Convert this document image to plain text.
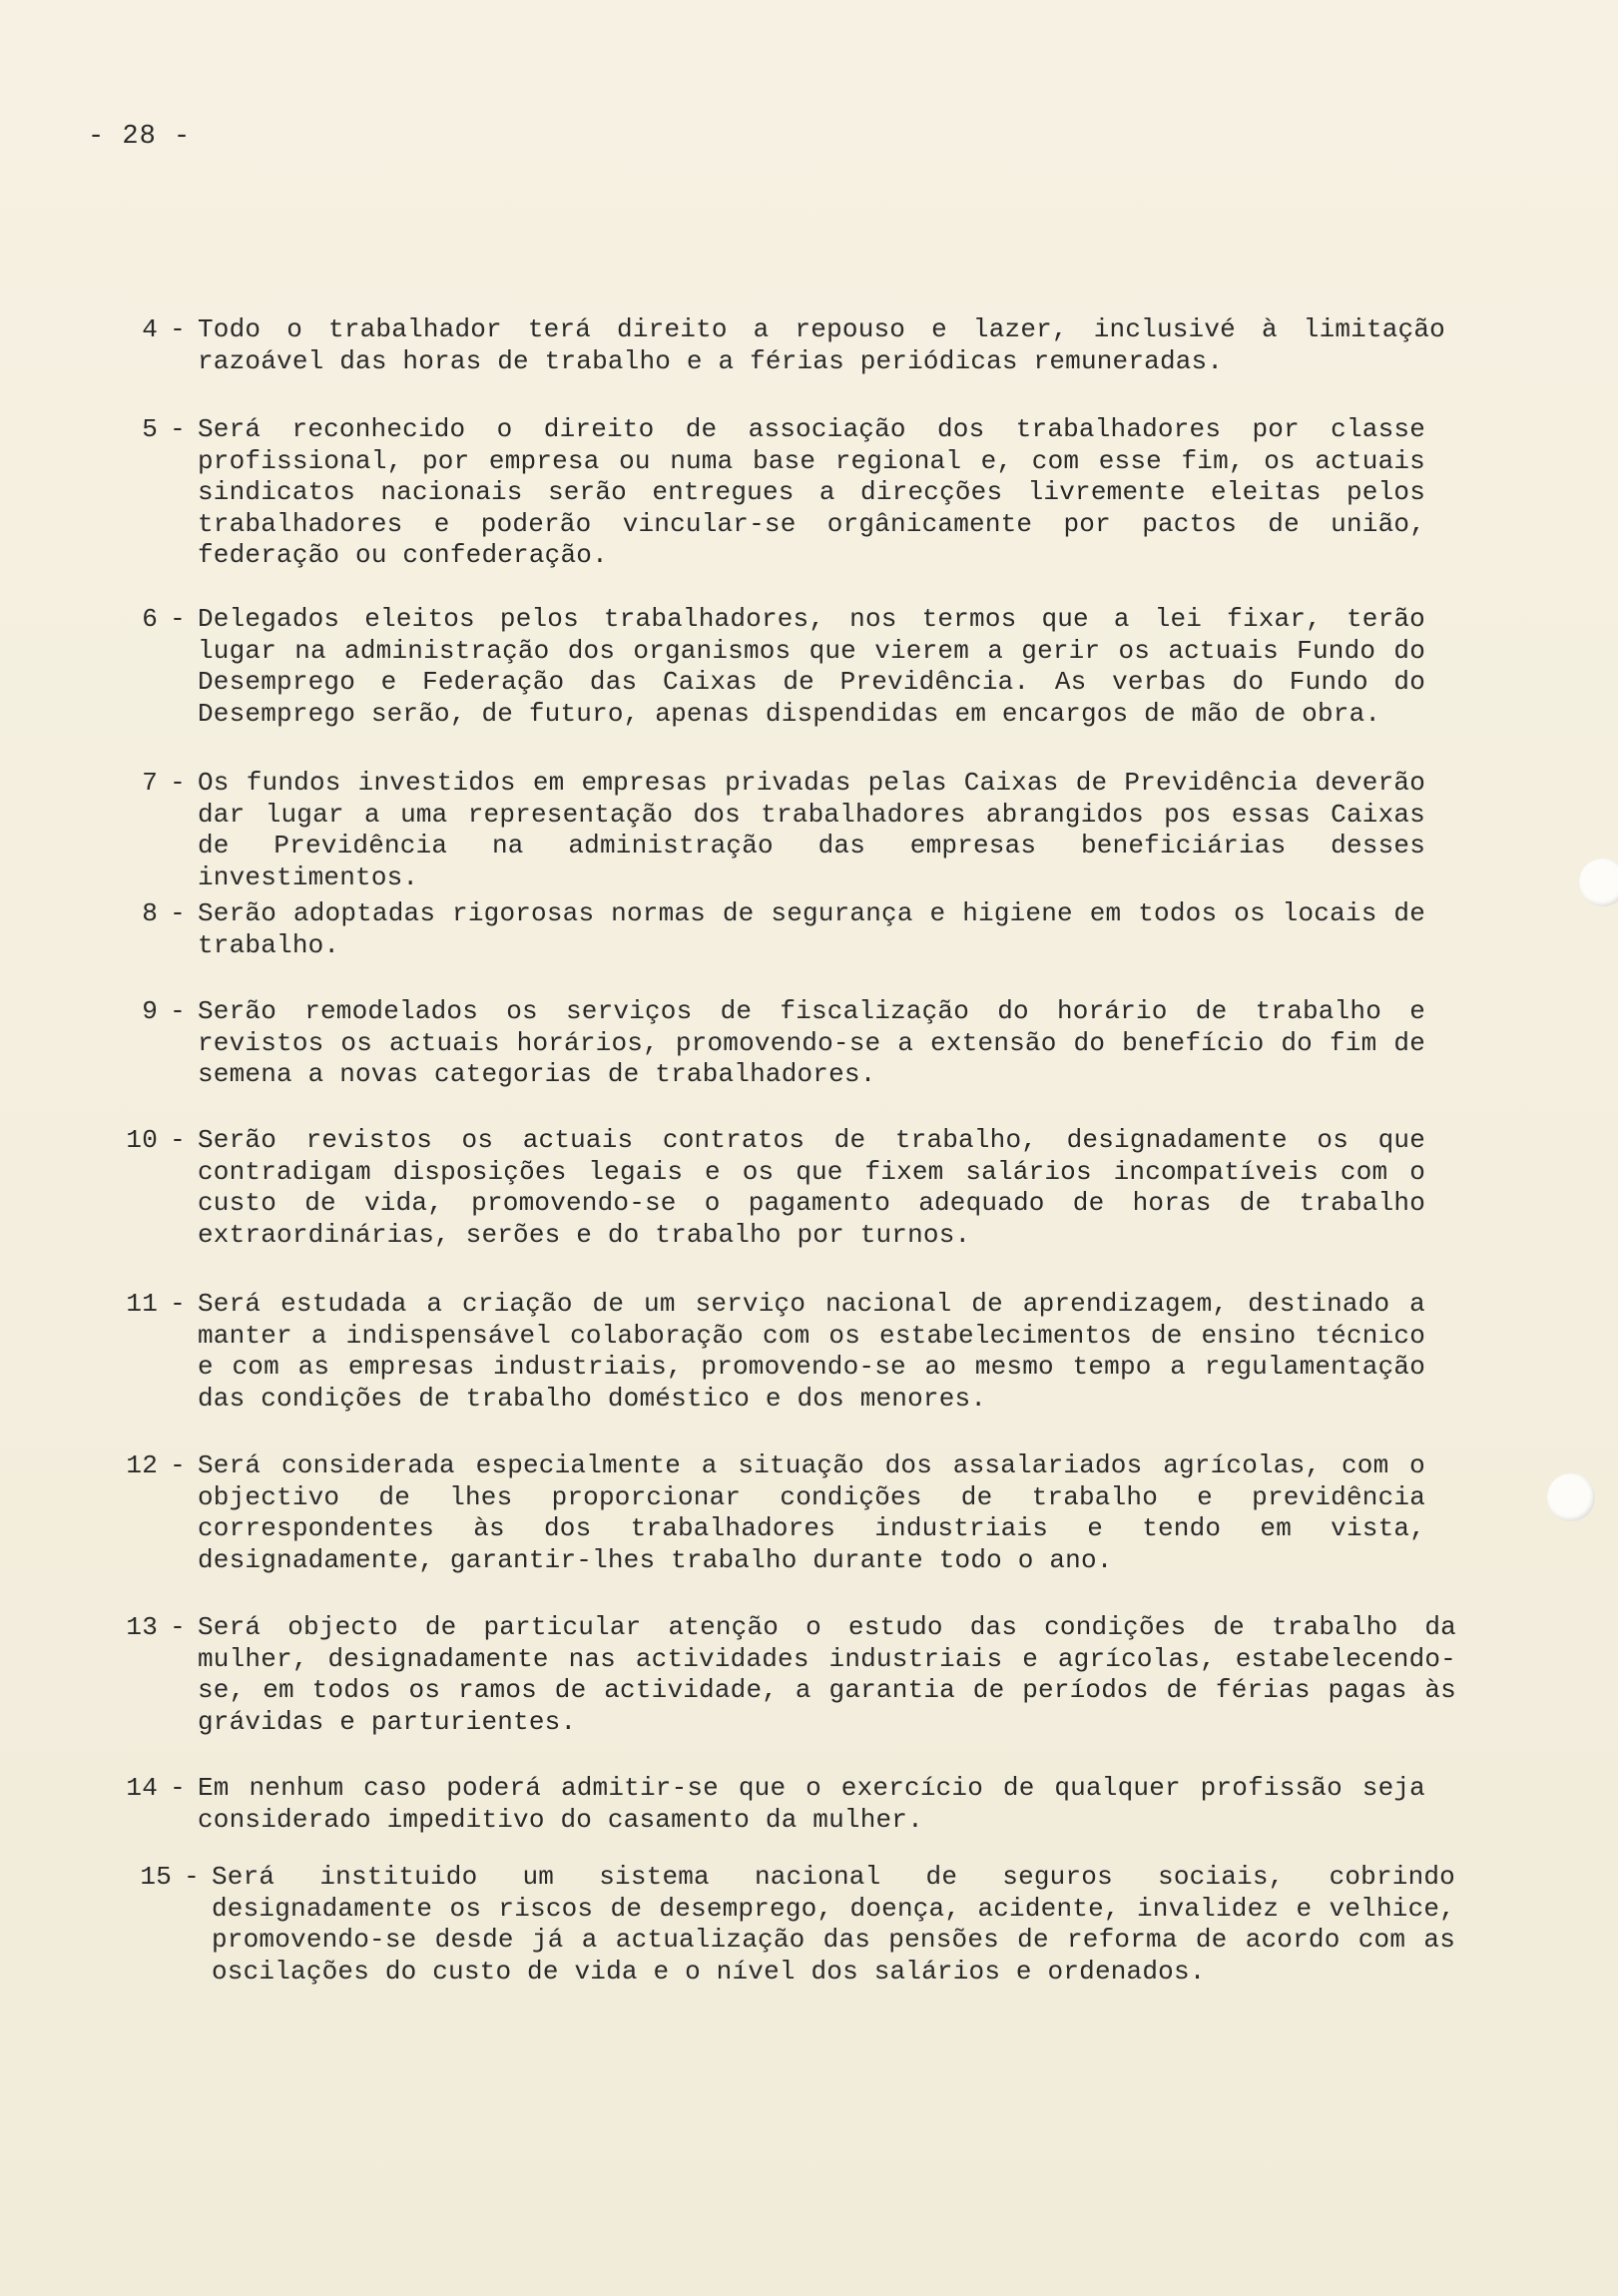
- 28 -
4 - Todo o trabalhador terá direito a repouso e lazer, inclusivé à limitação razoável das horas de trabalho e a férias periódicas remuneradas.
5 - Será reconhecido o direito de associação dos trabalhadores por classe profissional, por empresa ou numa base regional e, com esse fim, os actuais sindicatos nacionais serão entregues a direcções livremente eleitas pelos trabalhadores e poderão vincular-se orgânicamente por pactos de união, federação ou confederação.
6 - Delegados eleitos pelos trabalhadores, nos termos que a lei fixar, terão lugar na administração dos organismos que vierem a gerir os actuais Fundo do Desemprego e Federação das Caixas de Previdência. As verbas do Fundo do Desemprego serão, de futuro, apenas dispendidas em encargos de mão de obra.
7 - Os fundos investidos em empresas privadas pelas Caixas de Previdência deverão dar lugar a uma representação dos trabalhadores abrangidos pos essas Caixas de Previdência na administração das empresas beneficiárias desses investimentos.
8 - Serão adoptadas rigorosas normas de segurança e higiene em todos os locais de trabalho.
9 - Serão remodelados os serviços de fiscalização do horário de trabalho e revistos os actuais horários, promovendo-se a extensão do benefício do fim de semena a novas categorias de trabalhadores.
10 - Serão revistos os actuais contratos de trabalho, designadamente os que contradigam disposições legais e os que fixem salários incompatíveis com o custo de vida, promovendo-se o pagamento adequado de horas de trabalho extraordinárias, serões e do trabalho por turnos.
11 - Será estudada a criação de um serviço nacional de aprendizagem, destinado a manter a indispensável colaboração com os estabelecimentos de ensino técnico e com as empresas industriais, promovendo-se ao mesmo tempo a regulamentação das condições de trabalho doméstico e dos menores.
12 - Será considerada especialmente a situação dos assalariados agrícolas, com o objectivo de lhes proporcionar condições de trabalho e previdência correspondentes às dos trabalhadores industriais e tendo em vista, designadamente, garantir-lhes trabalho durante todo o ano.
13 - Será objecto de particular atenção o estudo das condições de trabalho da mulher, designadamente nas actividades industriais e agrícolas, estabelecendo-se, em todos os ramos de actividade, a garantia de períodos de férias pagas às grávidas e parturientes.
14 - Em nenhum caso poderá admitir-se que o exercício de qualquer profissão seja considerado impeditivo do casamento da mulher.
15 - Será instituido um sistema nacional de seguros sociais, cobrindo designadamente os riscos de desemprego, doença, acidente, invalidez e velhice, promovendo-se desde já a actualização das pensões de reforma de acordo com as oscilações do custo de vida e o nível dos salários e ordenados.
